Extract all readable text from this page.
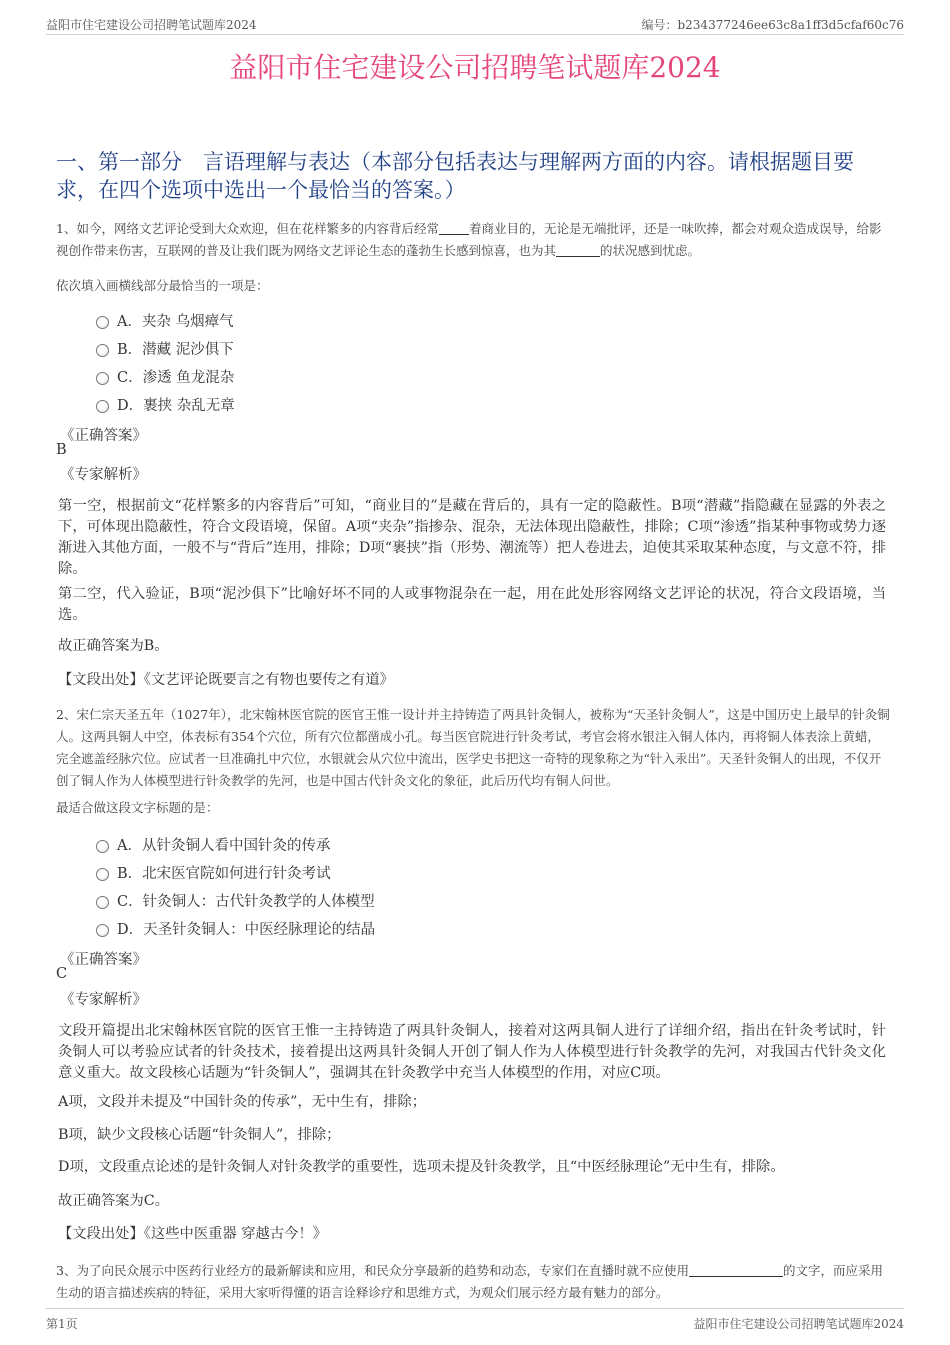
益阳市住宅建设公司招聘笔试题库2024	编号：b234377246ee63c8a1ff3d5cfaf60c76
益阳市住宅建设公司招聘笔试题库2024
一、第一部分　言语理解与表达（本部分包括表达与理解两方面的内容。请根据题目要求，在四个选项中选出一个最恰当的答案。）
1、如今，网络文艺评论受到大众欢迎，但在花样繁多的内容背后经常 着商业目的，无论是无端批评，还是一味吹捧，都会对观众造成误导，给影视创作带来伤害，互联网的普及让我们既为网络文艺评论生态的蓬勃生长感到惊喜，也为其	的状况感到忧虑。
依次填入画横线部分最恰当的一项是：
A．夹杂 乌烟瘴气
B．潜藏 泥沙俱下
C．渗透 鱼龙混杂
D．裹挟 杂乱无章
《正确答案》
B
《专家解析》
第一空，根据前文“花样繁多的内容背后”可知，“商业目的”是藏在背后的，具有一定的隐蔽性。B项“潜藏”指隐藏在显露的外表之下，可体现出隐蔽性，符合文段语境，保留。A项“夹杂”指掺杂、混杂，无法体现出隐蔽性，排除；C项“渗透”指某种事物或势力逐渐进入其他方面，一般不与“背后”连用，排除；D项“裹挟”指（形势、潮流等）把人卷进去，迫使其采取某种态度，与文意不符，排除。
第二空，代入验证，B项“泥沙俱下”比喻好坏不同的人或事物混杂在一起，用在此处形容网络文艺评论的状况，符合文段语境，当选。
故正确答案为B。
【文段出处】《文艺评论既要言之有物也要传之有道》
2、宋仁宗天圣五年（1027年），北宋翰林医官院的医官王惟一设计并主持铸造了两具针灸铜人，被称为“天圣针灸铜人”，这是中国历史上最早的针灸铜人。这两具铜人中空，体表标有354个穴位，所有穴位都凿成小孔。每当医官院进行针灸考试，考官会将水银注入铜人体内，再将铜人体表涂上黄蜡，完全遮盖经脉穴位。应试者一旦准确扎中穴位，水银就会从穴位中流出，医学史书把这一奇特的现象称之为“针入汞出”。天圣针灸铜人的出现，不仅开创了铜人作为人体模型进行针灸教学的先河，也是中国古代针灸文化的象征，此后历代均有铜人问世。
最适合做这段文字标题的是：
A．从针灸铜人看中国针灸的传承
B．北宋医官院如何进行针灸考试
C．针灸铜人：古代针灸教学的人体模型
D．天圣针灸铜人：中医经脉理论的结晶
《正确答案》
C
《专家解析》
文段开篇提出北宋翰林医官院的医官王惟一主持铸造了两具针灸铜人，接着对这两具铜人进行了详细介绍，指出在针灸考试时，针灸铜人可以考验应试者的针灸技术，接着提出这两具针灸铜人开创了铜人作为人体模型进行针灸教学的先河，对我国古代针灸文化意义重大。故文段核心话题为“针灸铜人”，强调其在针灸教学中充当人体模型的作用，对应C项。
A项，文段并未提及“中国针灸的传承”，无中生有，排除；
B项，缺少文段核心话题“针灸铜人”，排除；
D项，文段重点论述的是针灸铜人对针灸教学的重要性，选项未提及针灸教学，且“中医经脉理论”无中生有，排除。
故正确答案为C。
【文段出处】《这些中医重器 穿越古今！》
3、为了向民众展示中医药行业经方的最新解读和应用，和民众分享最新的趋势和动态，专家们在直播时就不应使用	的文字，而应采用生动的语言描述疾病的特征，采用大家听得懂的语言诠释诊疗和思维方式，为观众们展示经方最有魅力的部分。
第1页	益阳市住宅建设公司招聘笔试题库2024
